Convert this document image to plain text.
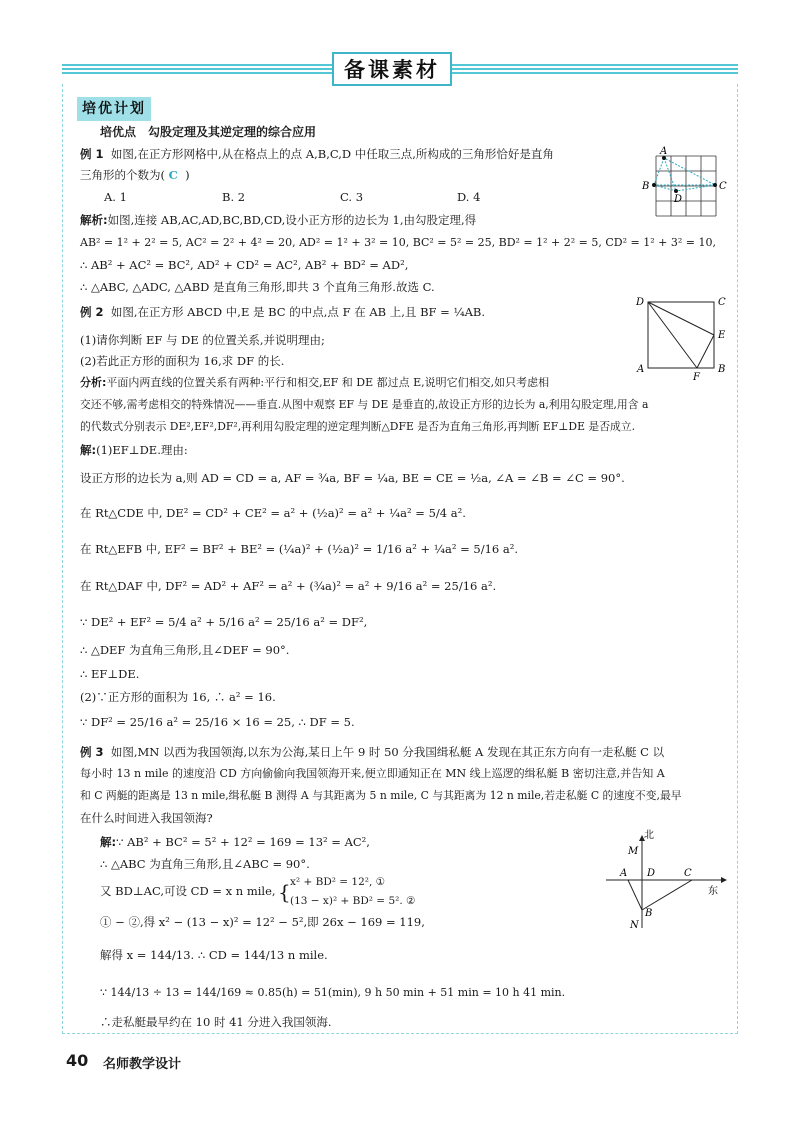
备课素材
培优计划
培优点　勾股定理及其逆定理的综合应用
例 1 如图,在正方形网格中,从在格点上的点 A,B,C,D 中任取三点,所构成的三角形恰好是直角
三角形的个数为( C )
A. 1	B. 2	C. 3	D. 4
解析:如图,连接 AB,AC,AD,BC,BD,CD,设小正方形的边长为 1,由勾股定理,得
AB² = 1² + 2² = 5, AC² = 2² + 4² = 20, AD² = 1² + 3² = 10, BC² = 5² = 25, BD² = 1² + 2² = 5, CD² = 1² + 3² = 10,
∴ AB² + AC² = BC², AD² + CD² = AC², AB² + BD² = AD²,
∴ △ABC, △ADC, △ABD 是直角三角形,即共 3 个直角三角形.故选 C.
A
B	C
D
例 2 如图,在正方形 ABCD 中,E 是 BC 的中点,点 F 在 AB 上,且 BF = ¼AB.
(1)请你判断 EF 与 DE 的位置关系,并说明理由;
(2)若此正方形的面积为 16,求 DF 的长.
分析:平面内两直线的位置关系有两种:平行和相交,EF 和 DE 都过点 E,说明它们相交,如只考虑相
交还不够,需考虑相交的特殊情况——垂直.从图中观察 EF 与 DE 是垂直的,故设正方形的边长为 a,利用勾股定理,用含 a
的代数式分别表示 DE²,EF²,DF²,再利用勾股定理的逆定理判断△DFE 是否为直角三角形,再判断 EF⊥DE 是否成立.
解:(1)EF⊥DE.理由:
设正方形的边长为 a,则 AD = CD = a, AF = ¾a, BF = ¼a, BE = CE = ½a, ∠A = ∠B = ∠C = 90°.
在 Rt△CDE 中, DE² = CD² + CE² = a² + (½a)² = a² + ¼a² = 5/4 a².
在 Rt△EFB 中, EF² = BF² + BE² = (¼a)² + (½a)² = 1/16 a² + ¼a² = 5/16 a².
在 Rt△DAF 中, DF² = AD² + AF² = a² + (¾a)² = a² + 9/16 a² = 25/16 a².
∵ DE² + EF² = 5/4 a² + 5/16 a² = 25/16 a² = DF²,
∴ △DEF 为直角三角形,且∠DEF = 90°.
∴ EF⊥DE.
(2)∵正方形的面积为 16, ∴ a² = 16.
∵ DF² = 25/16 a² = 25/16 × 16 = 25, ∴ DF = 5.
D	C
E
A
F
B
例 3 如图,MN 以西为我国领海,以东为公海,某日上午 9 时 50 分我国缉私艇 A 发现在其正东方向有一走私艇 C 以
每小时 13 n mile 的速度沿 CD 方向偷偷向我国领海开来,便立即通知正在 MN 线上巡逻的缉私艇 B 密切注意,并告知 A
和 C 两艇的距离是 13 n mile,缉私艇 B 测得 A 与其距离为 5 n mile, C 与其距离为 12 n mile,若走私艇 C 的速度不变,最早
在什么时间进入我国领海?
解:∵ AB² + BC² = 5² + 12² = 169 = 13² = AC²,
∴ △ABC 为直角三角形,且∠ABC = 90°.
又 BD⊥AC,可设 CD = x n mile, { x² + BD² = 12², ①
(13 − x)² + BD² = 5². ②
① − ②,得 x² − (13 − x)² = 12² − 5²,即 26x − 169 = 119,
解得 x = 144/13. ∴ CD = 144/13 n mile.
∵ 144/13 ÷ 13 = 144/169 ≈ 0.85(h) = 51(min), 9 h 50 min + 51 min = 10 h 41 min.
∴走私艇最早约在 10 时 41 分进入我国领海.
北
M
A D	C
东
B
N
40 名师教学设计
